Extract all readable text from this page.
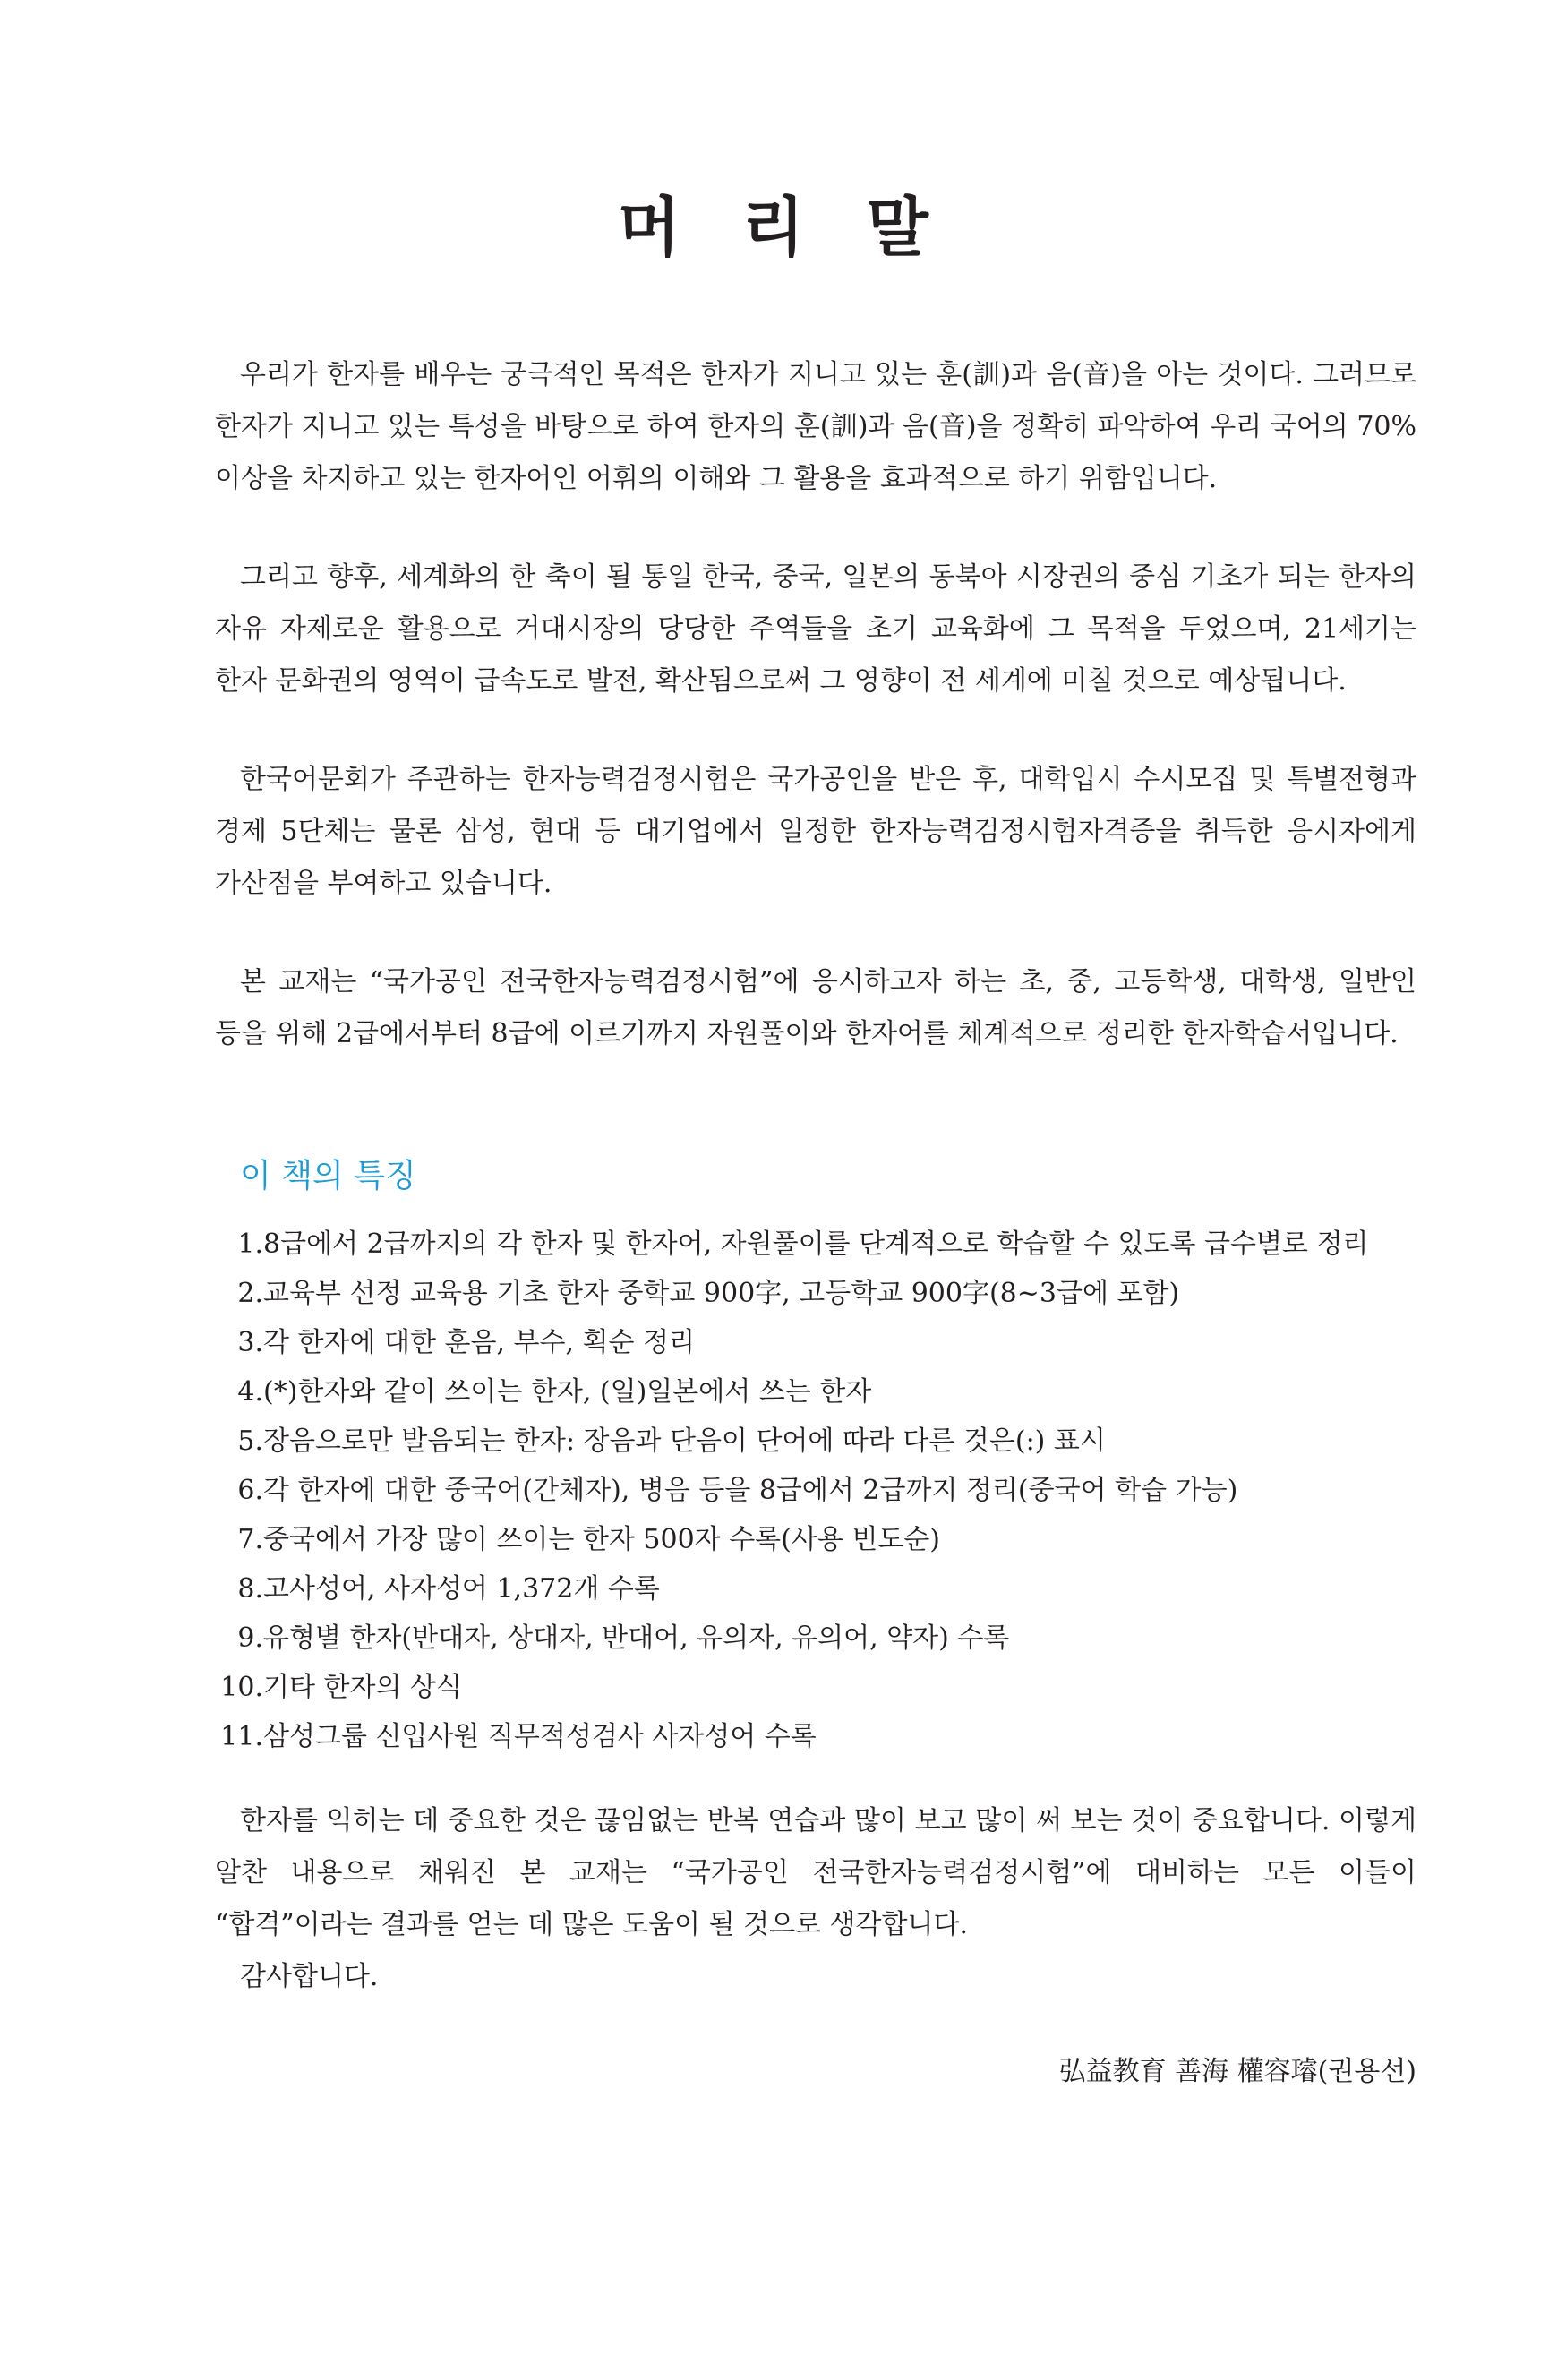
머 리 말

우리가 한자를 배우는 궁극적인 목적은 한자가 지니고 있는 훈(訓)과 음(音)을 아는 것이다. 그러므로 한자가 지니고 있는 특성을 바탕으로 하여 한자의 훈(訓)과 음(音)을 정확히 파악하여 우리 국어의 70% 이상을 차지하고 있는 한자어인 어휘의 이해와 그 활용을 효과적으로 하기 위함입니다.

그리고 향후, 세계화의 한 축이 될 통일 한국, 중국, 일본의 동북아 시장권의 중심 기초가 되는 한자의 자유 자제로운 활용으로 거대시장의 당당한 주역들을 초기 교육화에 그 목적을 두었으며, 21세기는 한자 문화권의 영역이 급속도로 발전, 확산됨으로써 그 영향이 전 세계에 미칠 것으로 예상됩니다.

한국어문회가 주관하는 한자능력검정시험은 국가공인을 받은 후, 대학입시 수시모집 및 특별전형과 경제 5단체는 물론 삼성, 현대 등 대기업에서 일정한 한자능력검정시험자격증을 취득한 응시자에게 가산점을 부여하고 있습니다.

본 교재는 “국가공인 전국한자능력검정시험”에 응시하고자 하는 초, 중, 고등학생, 대학생, 일반인 등을 위해 2급에서부터 8급에 이르기까지 자원풀이와 한자어를 체계적으로 정리한 한자학습서입니다.

이 책의 특징
1. 8급에서 2급까지의 각 한자 및 한자어, 자원풀이를 단계적으로 학습할 수 있도록 급수별로 정리
2. 교육부 선정 교육용 기초 한자 중학교 900字, 고등학교 900字(8~3급에 포함)
3. 각 한자에 대한 훈음, 부수, 획순 정리
4. (*)한자와 같이 쓰이는 한자, (일)일본에서 쓰는 한자
5. 장음으로만 발음되는 한자: 장음과 단음이 단어에 따라 다른 것은(:) 표시
6. 각 한자에 대한 중국어(간체자), 병음 등을 8급에서 2급까지 정리(중국어 학습 가능)
7. 중국에서 가장 많이 쓰이는 한자 500자 수록(사용 빈도순)
8. 고사성어, 사자성어 1,372개 수록
9. 유형별 한자(반대자, 상대자, 반대어, 유의자, 유의어, 약자) 수록
10. 기타 한자의 상식
11. 삼성그룹 신입사원 직무적성검사 사자성어 수록

한자를 익히는 데 중요한 것은 끊임없는 반복 연습과 많이 보고 많이 써 보는 것이 중요합니다. 이렇게 알찬 내용으로 채워진 본 교재는 “국가공인 전국한자능력검정시험”에 대비하는 모든 이들이 “합격”이라는 결과를 얻는 데 많은 도움이 될 것으로 생각합니다.

감사합니다.

弘益教育 善海 權容璿(권용선)
